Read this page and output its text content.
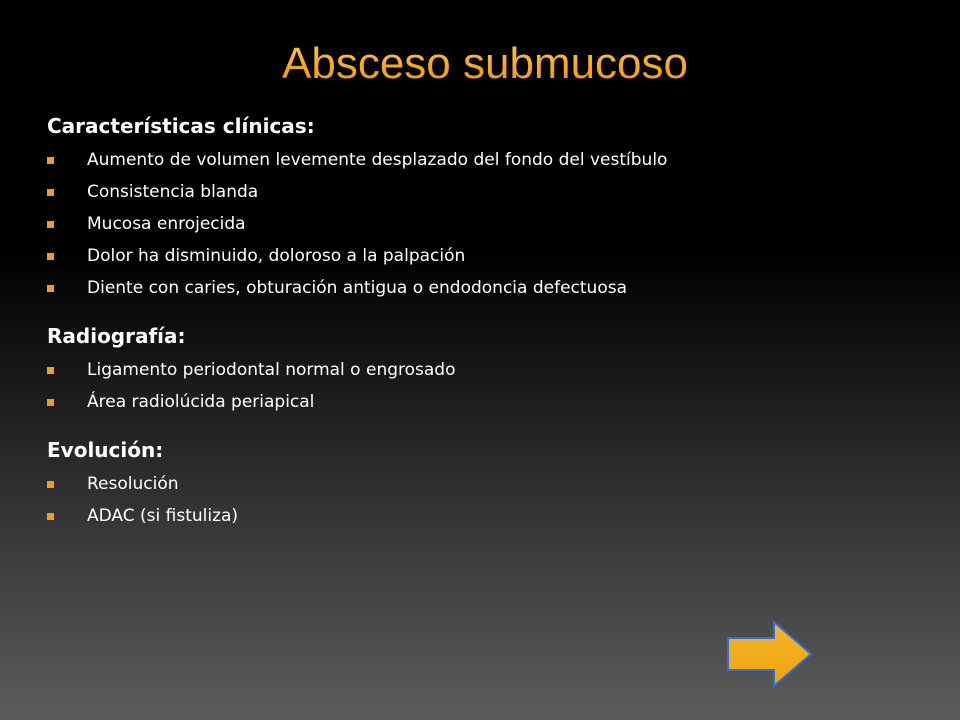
Absceso submucoso

Características clínicas:

Aumento de volumen levemente desplazado del fondo del vestíbulo
Consistencia blanda
Mucosa enrojecida
Dolor ha disminuido, doloroso a la palpación
Diente con caries, obturación antigua o endodoncia defectuosa

Radiografía:

Ligamento periodontal normal o engrosado
Área radiolúcida periapical

Evolución:

Resolución
ADAC (si fistuliza)
